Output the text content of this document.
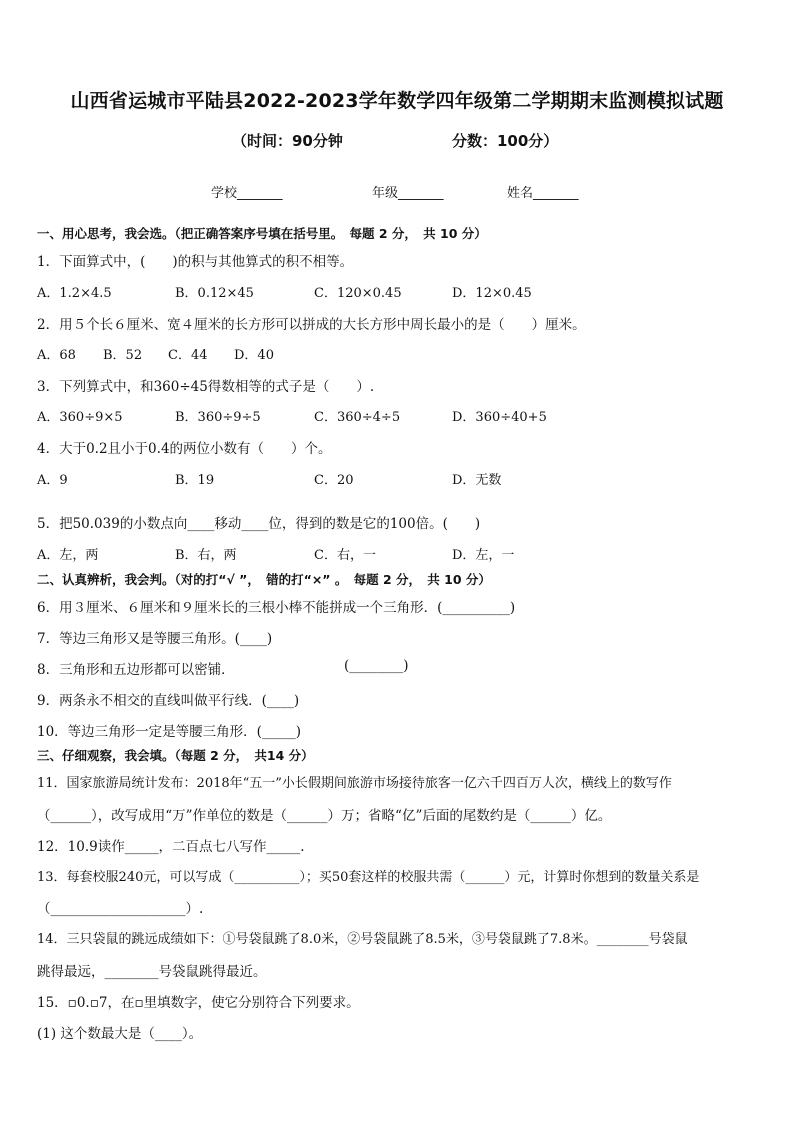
山西省运城市平陆县2022-2023学年数学四年级第二学期期末监测模拟试题
（时间：90分钟	分数：100分）
学校_______	年级_______	姓名_______
一、用心思考，我会选。（把正确答案序号填在括号里。　每题 2 分，　共 10 分）
1．下面算式中，(　　)的积与其他算式的积不相等。
A．1.2×4.5	B．0.12×45	C．120×0.45	D．12×0.45
2．用５个长６厘米、宽４厘米的长方形可以拼成的大长方形中周长最小的是（　　）厘米。
A．68 B．52 C．44 D．40
3．下列算式中，和360÷45得数相等的式子是（　　）.
A．360÷9×5	B．360÷9÷5	C．360÷4÷5	D．360÷40+5
4．大于0.2且小于0.4的两位小数有（　　）个。
A．9	B．19	C．20	D．无数
5．把50.039的小数点向____移动____位，得到的数是它的100倍。(　　)
A．左，两	B．右，两	C．右，一	D．左，一
二、认真辨析，我会判。（对的打“√ ”，　错的打“×” 。　每题 2 分，　共 10 分）
6．用３厘米、６厘米和９厘米长的三根小棒不能拼成一个三角形．(__________)
7．等边三角形又是等腰三角形。(____)
8．三角形和五边形都可以密铺．	(________)
9．两条永不相交的直线叫做平行线．(____)
10．等边三角形一定是等腰三角形．(_____)
三、仔细观察，我会填。（每题 2 分，　共14 分）
11．国家旅游局统计发布：2018年“五一”小长假期间旅游市场接待旅客一亿六千四百万人次，横线上的数写作
（______），改写成用“万”作单位的数是（______）万；省略“亿”后面的尾数约是（______）亿。
12．10.9读作_____，二百点七八写作_____.
13．每套校服240元，可以写成（__________）；买50套这样的校服共需（______）元，计算时你想到的数量关系是
（____________________）.
14．三只袋鼠的跳远成绩如下：①号袋鼠跳了8.0米，②号袋鼠跳了8.5米，③号袋鼠跳了7.8米。________号袋鼠
跳得最远，________号袋鼠跳得最近。
15．▫0.▫7，在▫里填数字，使它分别符合下列要求。
(1) 这个数最大是（____）。
